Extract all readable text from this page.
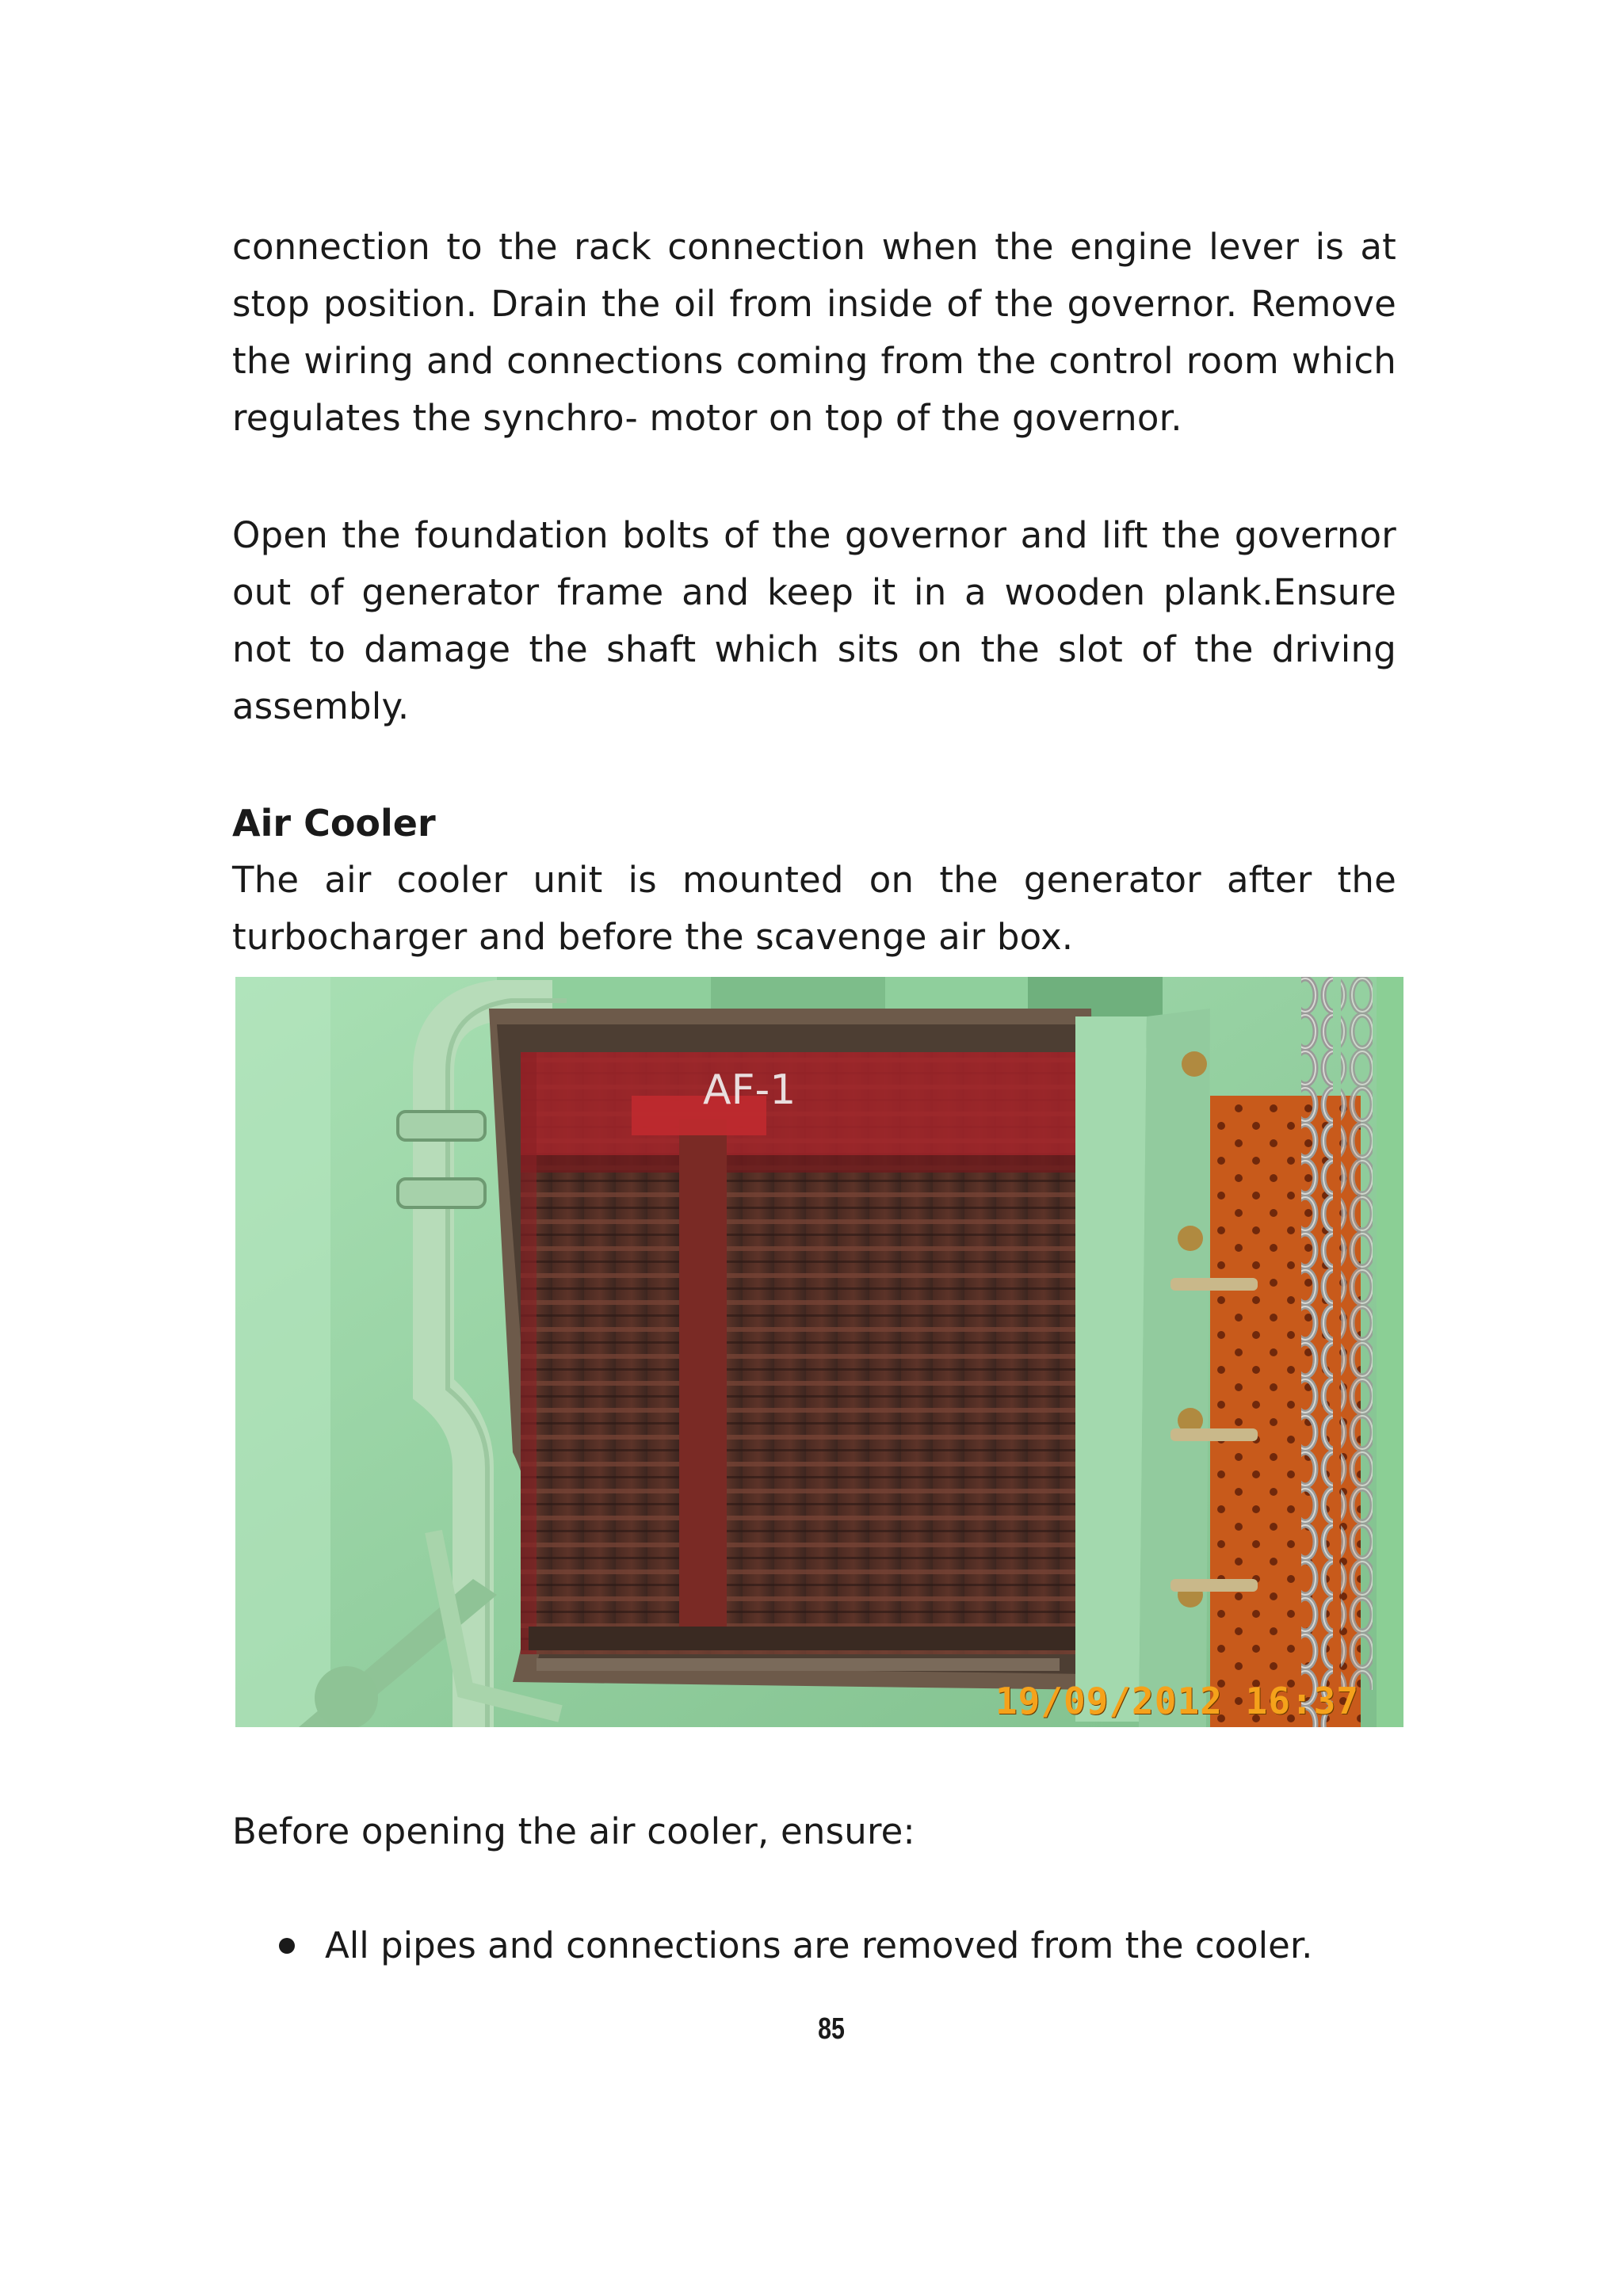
connection to the rack connection when the engine lever is at stop position. Drain the oil from inside of the governor. Remove the wiring and connections coming from the control room which regulates the synchro- motor on top of the governor.

Open the foundation bolts of the governor and lift the governor out of generator frame and keep it in a wooden plank.Ensure not to damage the shaft which sits on the slot of the driving assembly.

Air Cooler

The air cooler unit is mounted on the generator after the turbocharger and before the scavenge air box.

AF-1
19/09/2012 16:37

Before opening the air cooler, ensure:

All pipes and connections are removed from the cooler.
85
